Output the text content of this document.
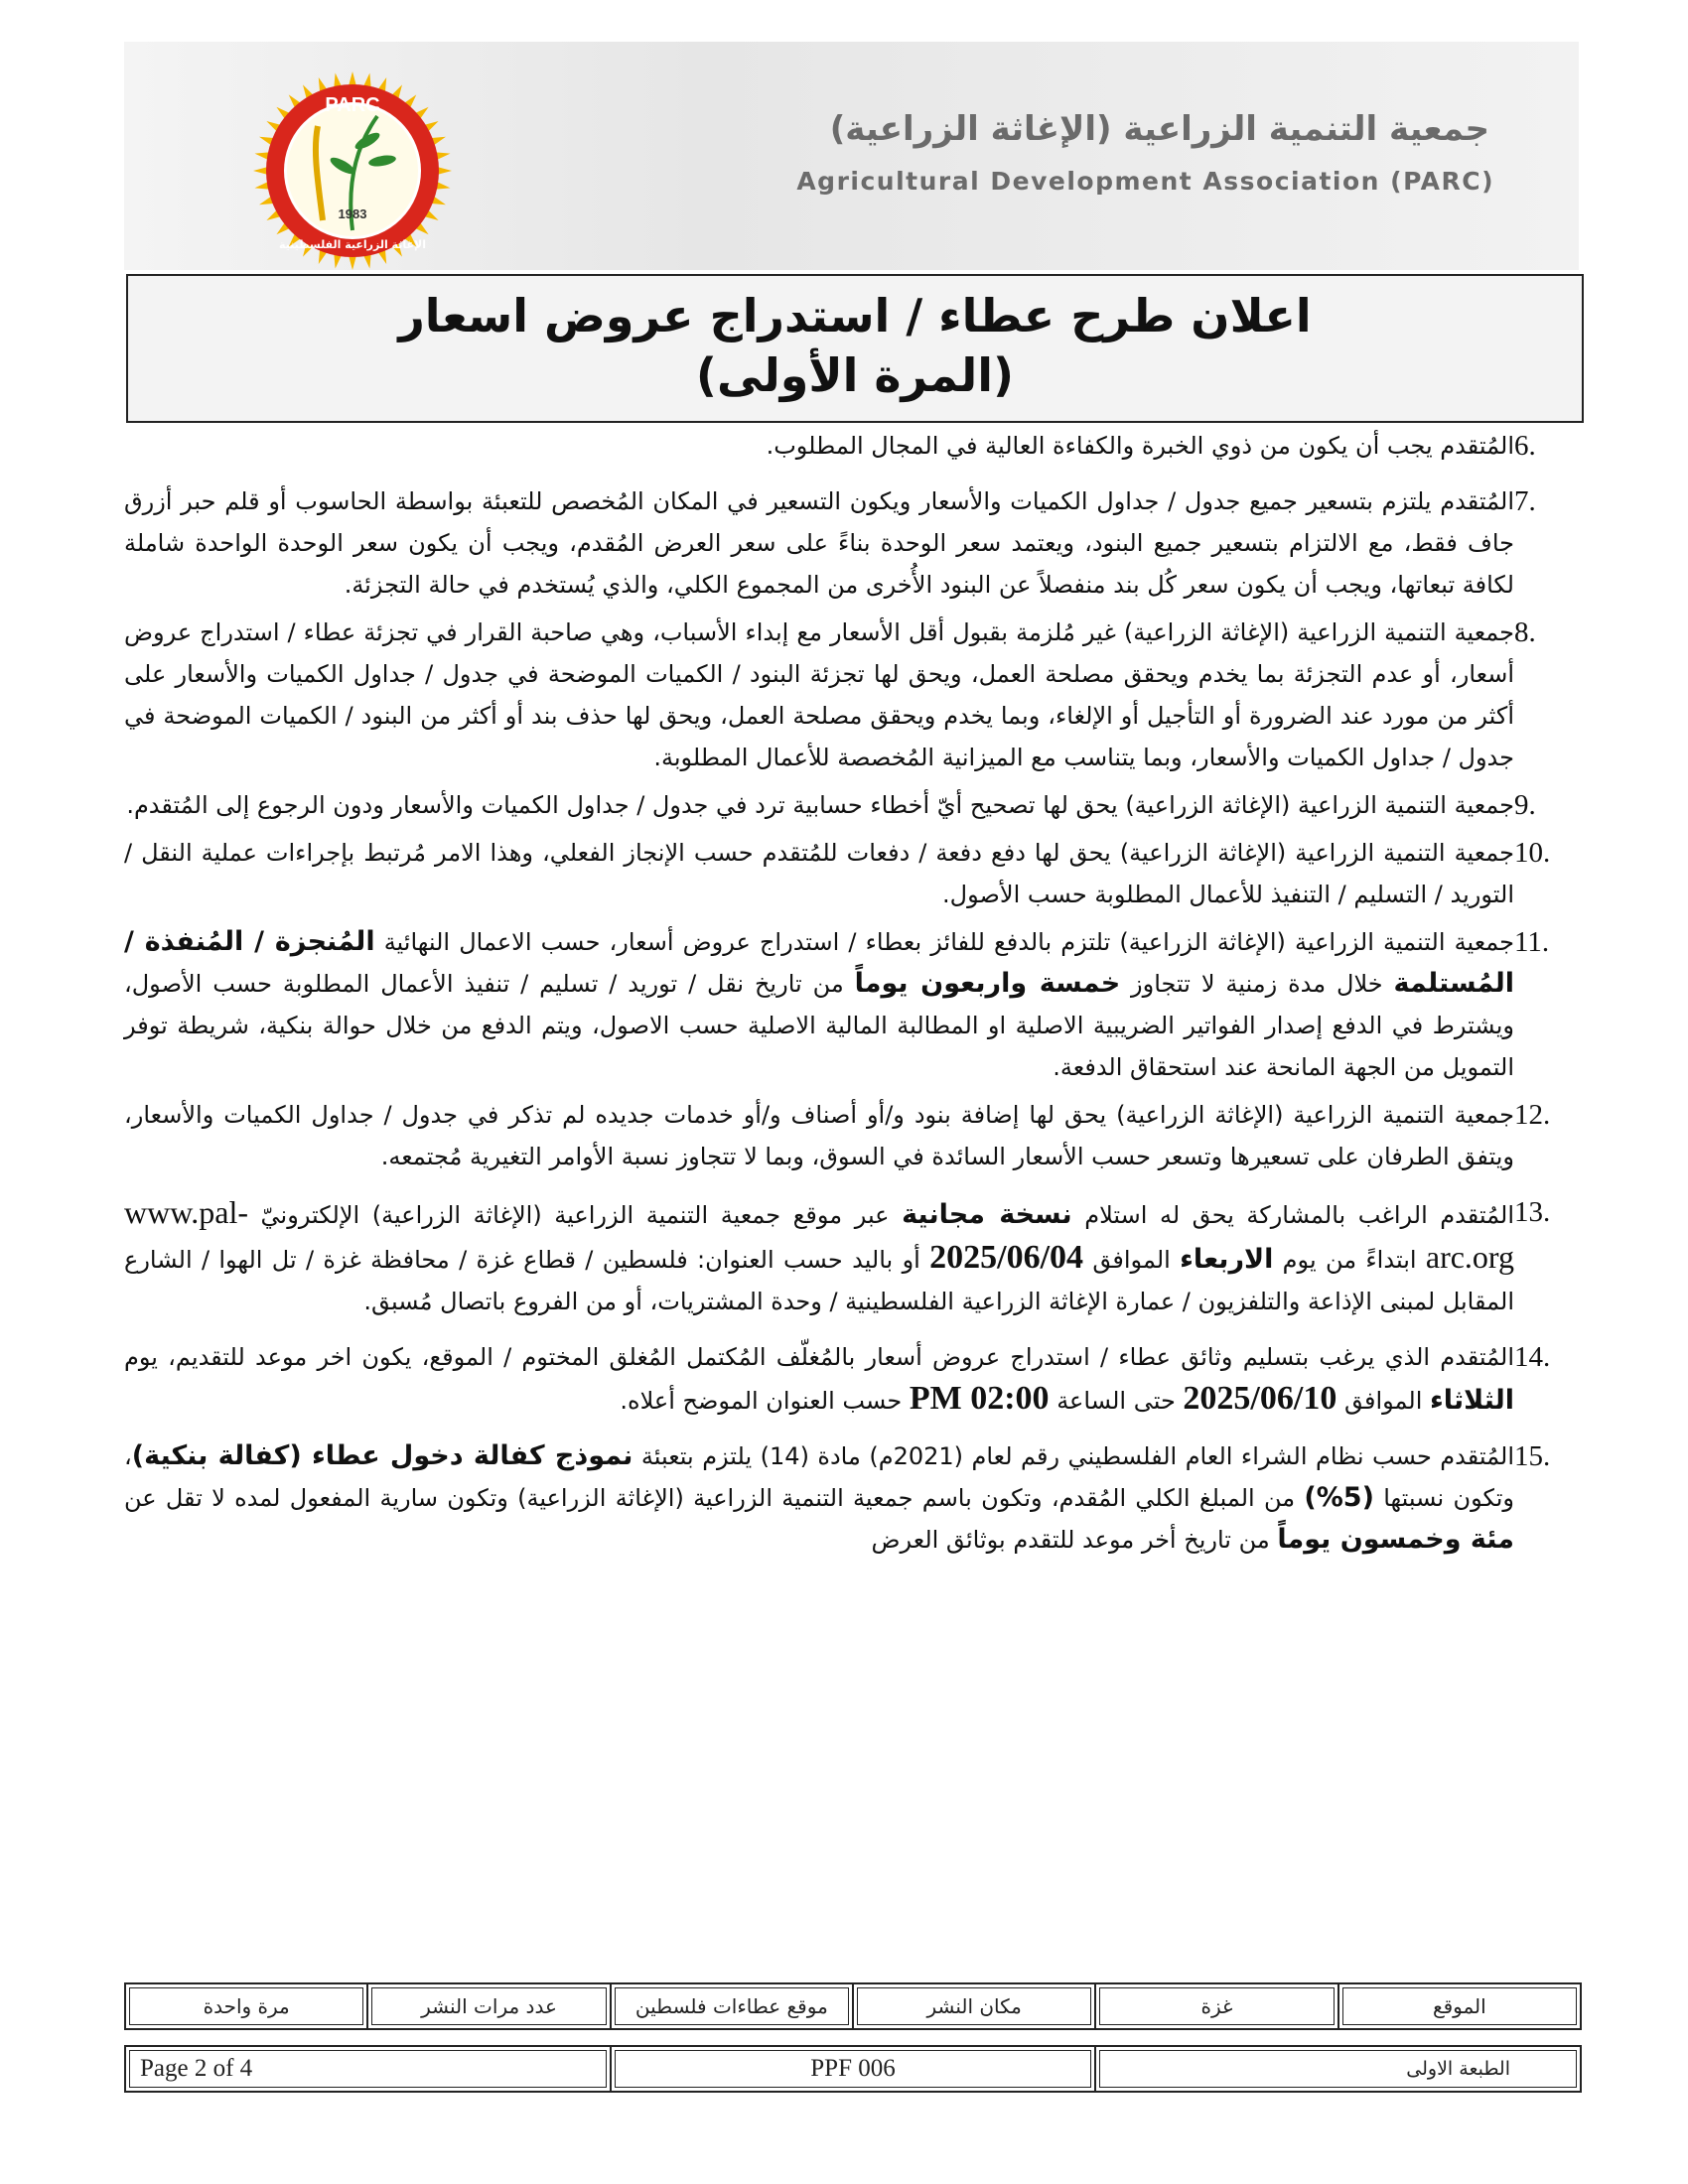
PARC
1983
الإغاثة الزراعية الفلسطينية
جمعية التنمية الزراعية (الإغاثة الزراعية)
Agricultural Development Association (PARC)
اعلان طرح عطاء / استدراج عروض اسعار
(المرة الأولى)
6.
المُتقدم يجب أن يكون من ذوي الخبرة والكفاءة العالية في المجال المطلوب.
7.
المُتقدم يلتزم بتسعير جميع جدول / جداول الكميات والأسعار ويكون التسعير في المكان المُخصص للتعبئة بواسطة الحاسوب أو قلم حبر أزرق جاف فقط، مع الالتزام بتسعير جميع البنود، ويعتمد سعر الوحدة بناءً على سعر العرض المُقدم، ويجب أن يكون سعر الوحدة الواحدة شاملة لكافة تبعاتها، ويجب أن يكون سعر كُل بند منفصلاً عن البنود الأُخرى من المجموع الكلي، والذي يُستخدم في حالة التجزئة.
8.
جمعية التنمية الزراعية (الإغاثة الزراعية) غير مُلزمة بقبول أقل الأسعار مع إبداء الأسباب، وهي صاحبة القرار في تجزئة عطاء / استدراج عروض أسعار، أو عدم التجزئة بما يخدم ويحقق مصلحة العمل، ويحق لها تجزئة البنود / الكميات الموضحة في جدول / جداول الكميات والأسعار على أكثر من مورد عند الضرورة أو التأجيل أو الإلغاء، وبما يخدم ويحقق مصلحة العمل، ويحق لها حذف بند أو أكثر من البنود / الكميات الموضحة في جدول / جداول الكميات والأسعار، وبما يتناسب مع الميزانية المُخصصة للأعمال المطلوبة.
9.
جمعية التنمية الزراعية (الإغاثة الزراعية) يحق لها تصحيح أيّ أخطاء حسابية ترد في جدول / جداول الكميات والأسعار ودون الرجوع إلى المُتقدم.
10.
جمعية التنمية الزراعية (الإغاثة الزراعية) يحق لها دفع دفعة / دفعات للمُتقدم حسب الإنجاز الفعلي، وهذا الامر مُرتبط بإجراءات عملية النقل / التوريد / التسليم / التنفيذ للأعمال المطلوبة حسب الأصول.
11.
جمعية التنمية الزراعية (الإغاثة الزراعية) تلتزم بالدفع للفائز بعطاء / استدراج عروض أسعار، حسب الاعمال النهائية المُنجزة / المُنفذة / المُستلمة خلال مدة زمنية لا تتجاوز خمسة واربعون يوماً من تاريخ نقل / توريد / تسليم / تنفيذ الأعمال المطلوبة حسب الأصول، ويشترط في الدفع إصدار الفواتير الضريبية الاصلية او المطالبة المالية الاصلية حسب الاصول، ويتم الدفع من خلال حوالة بنكية، شريطة توفر التمويل من الجهة المانحة عند استحقاق الدفعة.
12.
جمعية التنمية الزراعية (الإغاثة الزراعية) يحق لها إضافة بنود و/أو أصناف و/أو خدمات جديده لم تذكر في جدول / جداول الكميات والأسعار، ويتفق الطرفان على تسعيرها وتسعر حسب الأسعار السائدة في السوق، وبما لا تتجاوز نسبة الأوامر التغيرية مُجتمعه.
13.
المُتقدم الراغب بالمشاركة يحق له استلام نسخة مجانية عبر موقع جمعية التنمية الزراعية (الإغاثة الزراعية) الإلكترونيّ www.pal-arc.org ابتداءً من يوم الاربعاء الموافق 2025/06/04 أو باليد حسب العنوان: فلسطين / قطاع غزة / محافظة غزة / تل الهوا / الشارع المقابل لمبنى الإذاعة والتلفزيون / عمارة الإغاثة الزراعية الفلسطينية / وحدة المشتريات، أو من الفروع باتصال مُسبق.
14.
المُتقدم الذي يرغب بتسليم وثائق عطاء / استدراج عروض أسعار بالمُغلّف المُكتمل المُغلق المختوم / الموقع، يكون اخر موعد للتقديم، يوم الثلاثاء الموافق 2025/06/10 حتى الساعة 02:00 PM حسب العنوان الموضح أعلاه.
15.
المُتقدم حسب نظام الشراء العام الفلسطيني رقم لعام (2021م) مادة (14) يلتزم بتعبئة نموذج كفالة دخول عطاء (كفالة بنكية)، وتكون نسبتها (5%) من المبلغ الكلي المُقدم، وتكون باسم جمعية التنمية الزراعية (الإغاثة الزراعية) وتكون سارية المفعول لمده لا تقل عن مئة وخمسون يوماً من تاريخ أخر موعد للتقدم بوثائق العرض
الموقع	غزة	مكان النشر	موقع عطاءات فلسطين	عدد مرات النشر	مرة واحدة
الطبعة الاولى	PPF 006	Page 2 of 4
